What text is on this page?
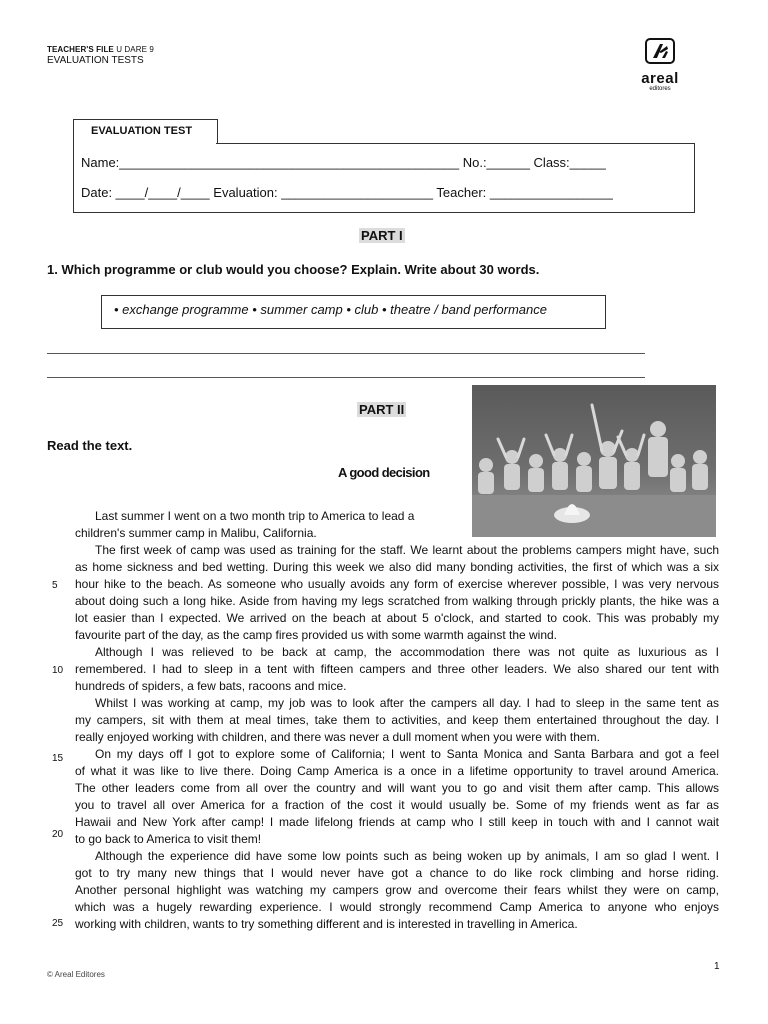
TEACHER'S FILE U DARE 9
EVALUATION TESTS
areal
editores
EVALUATION TEST
Name:_______________________________________________ No.:______ Class:_____
Date: ____/____/____ Evaluation: _____________________ Teacher: _________________
PART I
1. Which programme or club would you choose? Explain. Write about 30 words.
• exchange programme • summer camp • club • theatre / band performance
PART II
Read the text.
A good decision
Last summer I went on a two month trip to America to lead a
children's summer camp in Malibu, California.
The first week of camp was used as training for the staff. We learnt about the problems campers might have, such
as home sickness and bed wetting. During this week we also did many bonding activities, the first of which was a six
hour hike to the beach. As someone who usually avoids any form of exercise wherever possible, I was very nervous
about doing such a long hike. Aside from having my legs scratched from walking through prickly plants, the hike was a
lot easier than I expected. We arrived on the beach at about 5 o'clock, and started to cook. This was probably my
favourite part of the day, as the camp fires provided us with some warmth against the wind.
Although I was relieved to be back at camp, the accommodation there was not quite as luxurious as I
remembered. I had to sleep in a tent with fifteen campers and three other leaders. We also shared our tent with
hundreds of spiders, a few bats, racoons and mice.
Whilst I was working at camp, my job was to look after the campers all day. I had to sleep in the same tent as
my campers, sit with them at meal times, take them to activities, and keep them entertained throughout the day. I
really enjoyed working with children, and there was never a dull moment when you were with them.
On my days off I got to explore some of California; I went to Santa Monica and Santa Barbara and got a feel
of what it was like to live there. Doing Camp America is a once in a lifetime opportunity to travel around America.
The other leaders come from all over the country and will want you to go and visit them after camp. This allows
you to travel all over America for a fraction of the cost it would usually be. Some of my friends went as far as
Hawaii and New York after camp! I made lifelong friends at camp who I still keep in touch with and I cannot wait
to go back to America to visit them!
Although the experience did have some low points such as being woken up by animals, I am so glad I went. I
got to try many new things that I would never have got a chance to do like rock climbing and horse riding.
Another personal highlight was watching my campers grow and overcome their fears whilst they were on camp,
which was a hugely rewarding experience. I would strongly recommend Camp America to anyone who enjoys
working with children, wants to try something different and is interested in travelling in America.
5
10
15
20
25
© Areal Editores
1
